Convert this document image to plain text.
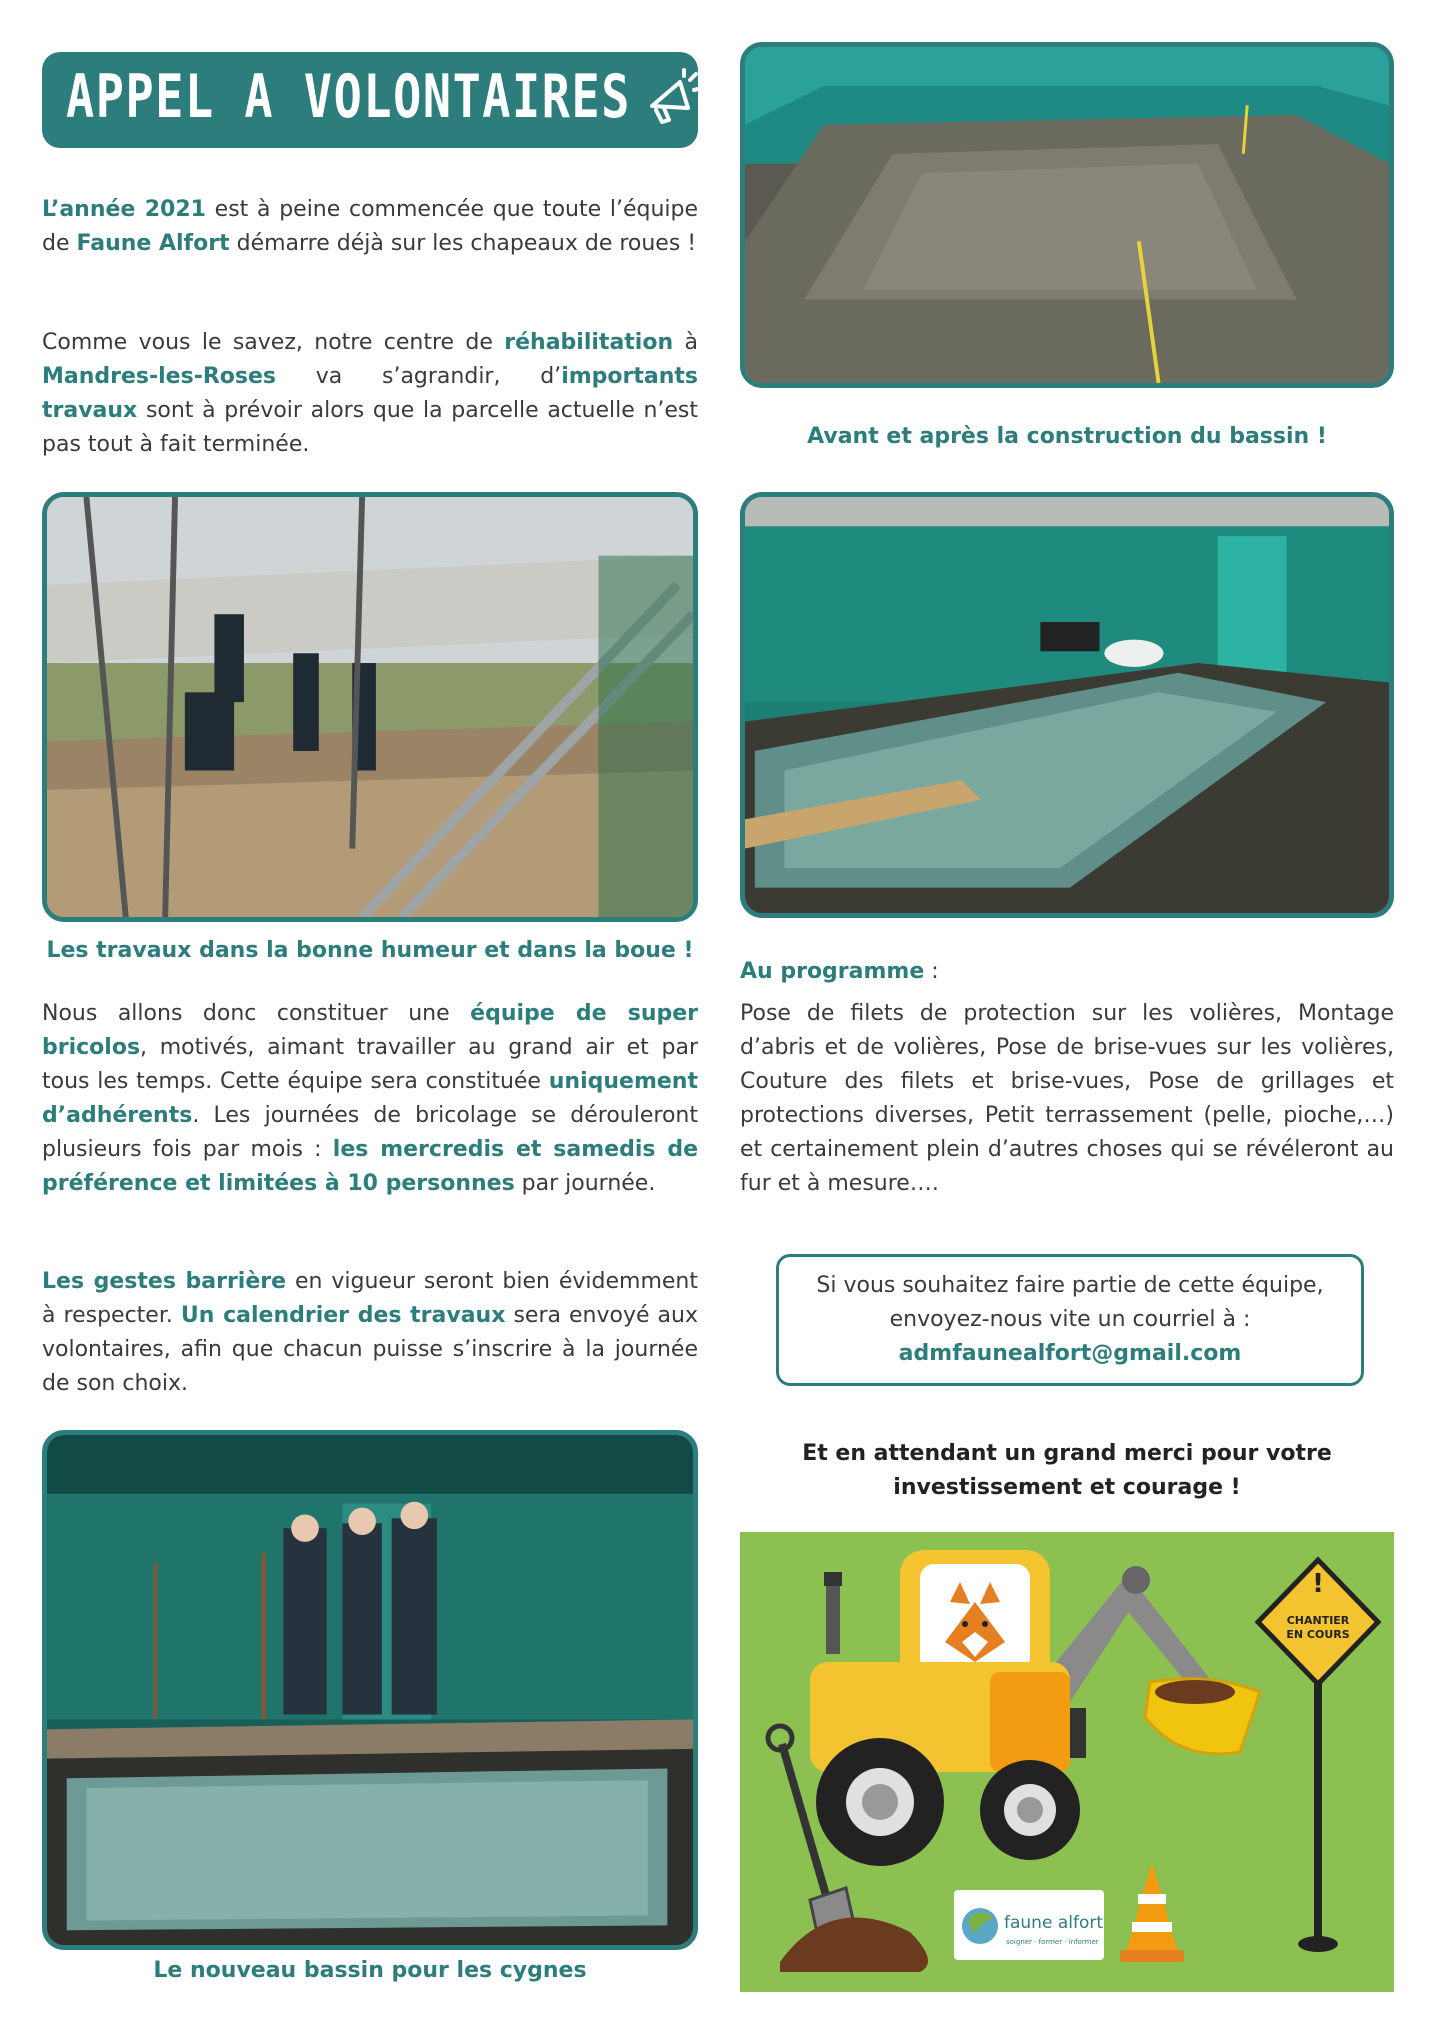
APPEL A VOLONTAIRES
L’année 2021 est à peine commencée que toute l’équipe de Faune Alfort démarre déjà sur les chapeaux de roues !
Comme vous le savez, notre centre de réhabilitation à Mandres-les-Roses va s’agrandir, d’importants travaux sont à prévoir alors que la parcelle actuelle n’est pas tout à fait terminée.	Avant et après la construction du bassin !
Les travaux dans la bonne humeur et dans la boue !
Nous allons donc constituer une équipe de super bricolos, motivés, aimant travailler au grand air et par tous les temps. Cette équipe sera constituée uniquement d’adhérents. Les journées de bricolage se dérouleront plusieurs fois par mois : les mercredis et samedis de préférence et limitées à 10 personnes par journée.
Les gestes barrière en vigueur seront bien évidemment à respecter. Un calendrier des travaux sera envoyé aux volontaires, afin que chacun puisse s’inscrire à la journée de son choix.
Au programme :
Pose de filets de protection sur les volières, Montage d’abris et de volières, Pose de brise-vues sur les volières, Couture des filets et brise-vues, Pose de grillages et protections diverses, Petit terrassement (pelle, pioche,…) et certainement plein d’autres choses qui se révéleront au fur et à mesure….
Si vous souhaitez faire partie de cette équipe,
envoyez-nous vite un courriel à :
admfaunealfort@gmail.com
Et en attendant un grand merci pour votre
investissement et courage !
Le nouveau bassin pour les cygnes
!
CHANTIER
EN COURS
faune alfort
soigner · former · informer
